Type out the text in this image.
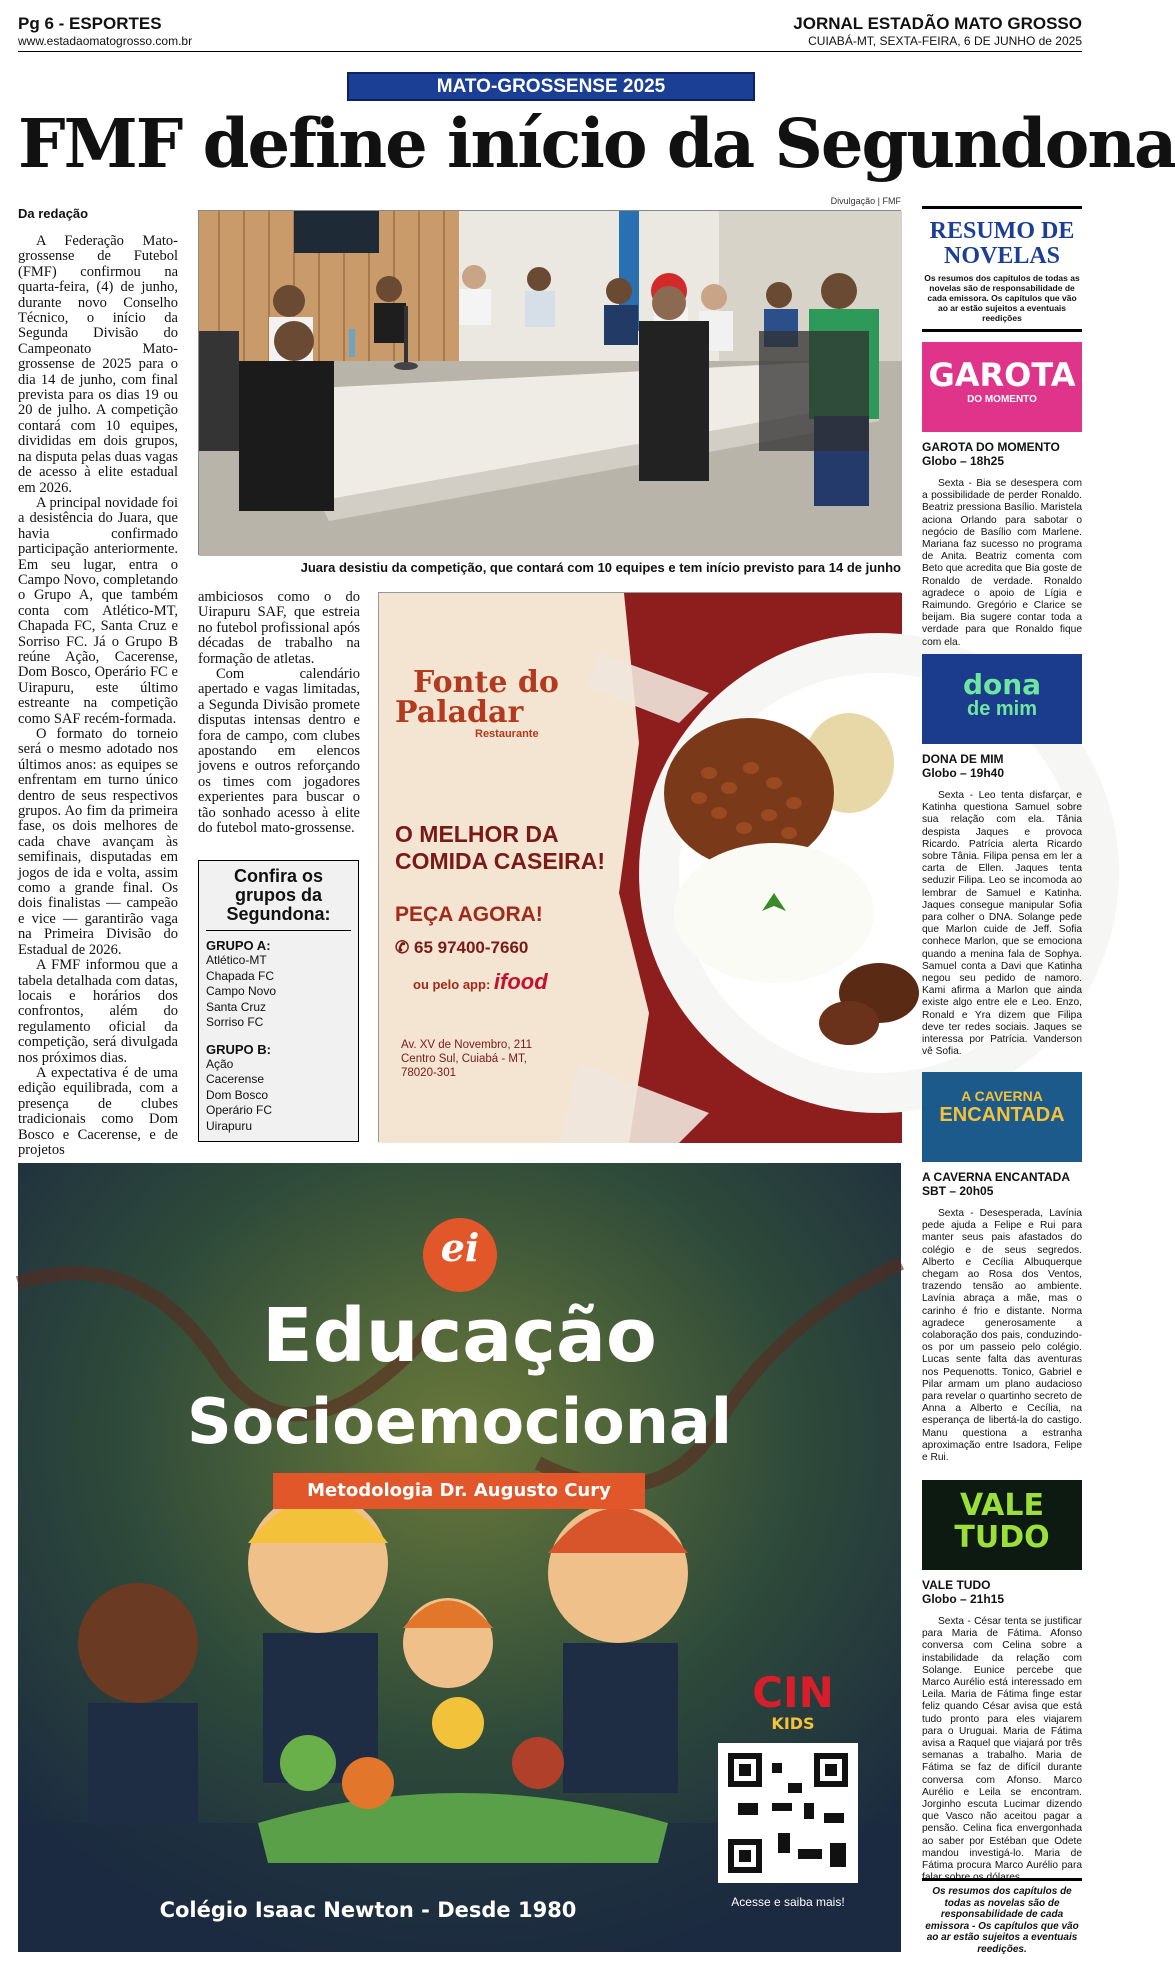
Pg 6 - ESPORTES
www.estadaomatogrosso.com.br
JORNAL ESTADÃO MATO GROSSO
CUIABÁ-MT, SEXTA-FEIRA, 6 DE JUNHO de 2025
MATO-GROSSENSE 2025
FMF define início da Segundona
Da redação

A Federação Mato-grossense de Futebol (FMF) confirmou na quarta-feira, (4) de junho, durante novo Conselho Técnico, o início da Segunda Divisão do Campeonato Mato-grossense de 2025 para o dia 14 de junho, com final prevista para os dias 19 ou 20 de julho. A competição contará com 10 equipes, divididas em dois grupos, na disputa pelas duas vagas de acesso à elite estadual em 2026.

A principal novidade foi a desistência do Juara, que havia confirmado participação anteriormente. Em seu lugar, entra o Campo Novo, completando o Grupo A, que também conta com Atlético-MT, Chapada FC, Santa Cruz e Sorriso FC. Já o Grupo B reúne Ação, Cacerense, Dom Bosco, Operário FC e Uirapuru, este último estreante na competição como SAF recém-formada.

O formato do torneio será o mesmo adotado nos últimos anos: as equipes se enfrentam em turno único dentro de seus respectivos grupos. Ao fim da primeira fase, os dois melhores de cada chave avançam às semifinais, disputadas em jogos de ida e volta, assim como a grande final. Os dois finalistas — campeão e vice — garantirão vaga na Primeira Divisão do Estadual de 2026.

A FMF informou que a tabela detalhada com datas, locais e horários dos confrontos, além do regulamento oficial da competição, será divulgada nos próximos dias.

A expectativa é de uma edição equilibrada, com a presença de clubes tradicionais como Dom Bosco e Cacerense, e de projetos

Divulgação | FMF
Juara desistiu da competição, que contará com 10 equipes e tem início previsto para 14 de junho

ambiciosos como o do Uirapuru SAF, que estreia no futebol profissional após décadas de trabalho na formação de atletas.

Com calendário apertado e vagas limitadas, a Segunda Divisão promete disputas intensas dentro e fora de campo, com clubes apostando em elencos jovens e outros reforçando os times com jogadores experientes para buscar o tão sonhado acesso à elite do futebol mato-grossense.

Confira os grupos da Segundona:
GRUPO A:
Atlético-MT
Chapada FC
Campo Novo
Santa Cruz
Sorriso FC
GRUPO B:
Ação
Cacerense
Dom Bosco
Operário FC
Uirapuru
Fonte do
Paladar
Restaurante
O MELHOR DA
COMIDA CASEIRA!
PEÇA AGORA!
✆ 65 97400-7660
ou pelo app: ifood
Av. XV de Novembro, 211
Centro Sul, Cuiabá - MT,
78020-301
ei
Educação
Socioemocional
Metodologia Dr. Augusto Cury
CIN
KIDS
Acesse e saiba mais!
Colégio Isaac Newton - Desde 1980
RESUMO DE NOVELAS
Os resumos dos capítulos de todas as novelas são de responsabilidade de cada emissora. Os capítulos que vão ao ar estão sujeitos a eventuais reedições
GAROTA
DO MOMENTO
GAROTA DO MOMENTO
Globo – 18h25
Sexta - Bia se desespera com a possibilidade de perder Ronaldo. Beatriz pressiona Basílio. Maristela aciona Orlando para sabotar o negócio de Basílio com Marlene. Mariana faz sucesso no programa de Anita. Beatriz comenta com Beto que acredita que Bia goste de Ronaldo de verdade. Ronaldo agradece o apoio de Lígia e Raimundo. Gregório e Clarice se beijam. Bia sugere contar toda a verdade para que Ronaldo fique com ela.
dona
de mim
DONA DE MIM
Globo – 19h40
Sexta - Leo tenta disfarçar, e Katinha questiona Samuel sobre sua relação com ela. Tânia despista Jaques e provoca Ricardo. Patrícia alerta Ricardo sobre Tânia. Filipa pensa em ler a carta de Ellen. Jaques tenta seduzir Filipa. Leo se incomoda ao lembrar de Samuel e Katinha. Jaques consegue manipular Sofia para colher o DNA. Solange pede que Marlon cuide de Jeff. Sofia conhece Marlon, que se emociona quando a menina fala de Sophya. Samuel conta a Davi que Katinha negou seu pedido de namoro. Kami afirma a Marlon que ainda existe algo entre ele e Leo. Enzo, Ronald e Yra dizem que Filipa deve ter redes sociais. Jaques se interessa por Patrícia. Vanderson vê Sofia.
A CAVERNA
ENCANTADA
A CAVERNA ENCANTADA
SBT – 20h05
Sexta - Desesperada, Lavínia pede ajuda a Felipe e Rui para manter seus pais afastados do colégio e de seus segredos. Alberto e Cecília Albuquerque chegam ao Rosa dos Ventos, trazendo tensão ao ambiente. Lavínia abraça a mãe, mas o carinho é frio e distante. Norma agradece generosamente a colaboração dos pais, conduzindo-os por um passeio pelo colégio. Lucas sente falta das aventuras nos Pequenotts. Tonico, Gabriel e Pilar armam um plano audacioso para revelar o quartinho secreto de Anna a Alberto e Cecília, na esperança de libertá-la do castigo. Manu questiona a estranha aproximação entre Isadora, Felipe e Rui.
VALE
TUDO
VALE TUDO
Globo – 21h15
Sexta - César tenta se justificar para Maria de Fátima. Afonso conversa com Celina sobre a instabilidade da relação com Solange. Eunice percebe que Marco Aurélio está interessado em Leila. Maria de Fátima finge estar feliz quando César avisa que está tudo pronto para eles viajarem para o Uruguai. Maria de Fátima avisa a Raquel que viajará por três semanas a trabalho. Maria de Fátima se faz de difícil durante conversa com Afonso. Marco Aurélio e Leila se encontram. Jorginho escuta Lucimar dizendo que Vasco não aceitou pagar a pensão. Celina fica envergonhada ao saber por Estéban que Odete mandou investigá-lo. Maria de Fátima procura Marco Aurélio para falar sobre os dólares.
Os resumos dos capítulos de todas as novelas são de responsabilidade de cada emissora - Os capítulos que vão ao ar estão sujeitos a eventuais reedições.
